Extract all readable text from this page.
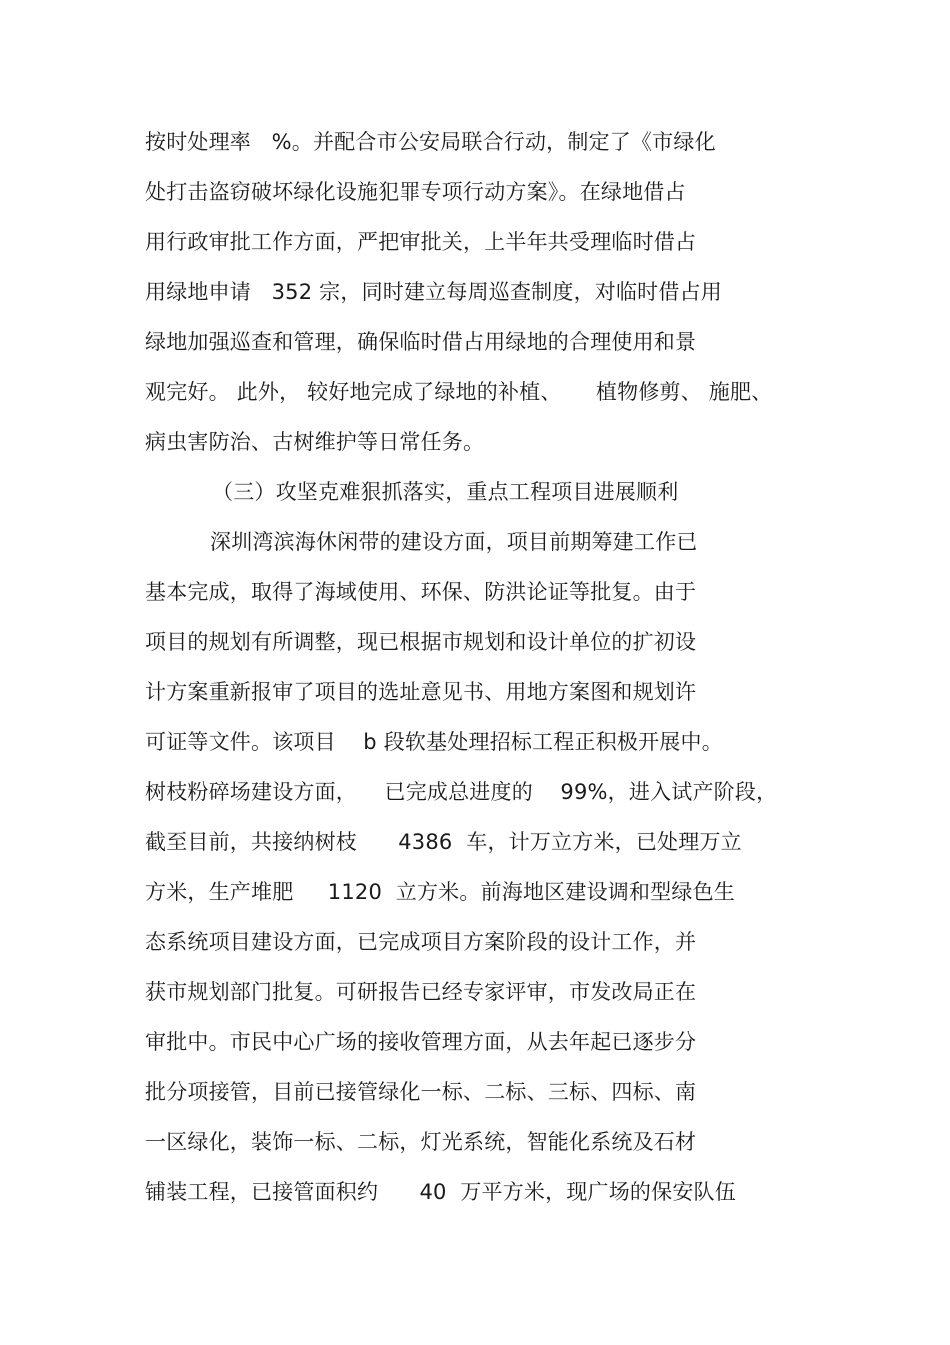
按时处理率   %。并配合市公安局联合行动，制定了《市绿化
处打击盗窃破坏绿化设施犯罪专项行动方案》。在绿地借占
用行政审批工作方面，严把审批关，上半年共受理临时借占
用绿地申请   352 宗，同时建立每周巡查制度，对临时借占用
绿地加强巡查和管理，确保临时借占用绿地的合理使用和景
观完好。 此外， 较好地完成了绿地的补植、     植物修剪、 施肥、
病虫害防治、古树维护等日常任务。
（三）攻坚克难狠抓落实，重点工程项目进展顺利
深圳湾滨海休闲带的建设方面，项目前期筹建工作已
基本完成，取得了海域使用、环保、防洪论证等批复。由于
项目的规划有所调整，现已根据市规划和设计单位的扩初设
计方案重新报审了项目的选址意见书、用地方案图和规划许
可证等文件。该项目    b 段软基处理招标工程正积极开展中。
树枝粉碎场建设方面，    已完成总进度的    99%，进入试产阶段，
截至目前，共接纳树枝      4386  车，计万立方米，已处理万立
方米，生产堆肥     1120  立方米。前海地区建设调和型绿色生
态系统项目建设方面，已完成项目方案阶段的设计工作，并
获市规划部门批复。可研报告已经专家评审，市发改局正在
审批中。市民中心广场的接收管理方面，从去年起已逐步分
批分项接管，目前已接管绿化一标、二标、三标、四标、南
一区绿化，装饰一标、二标，灯光系统，智能化系统及石材
铺装工程，已接管面积约      40  万平方米，现广场的保安队伍
